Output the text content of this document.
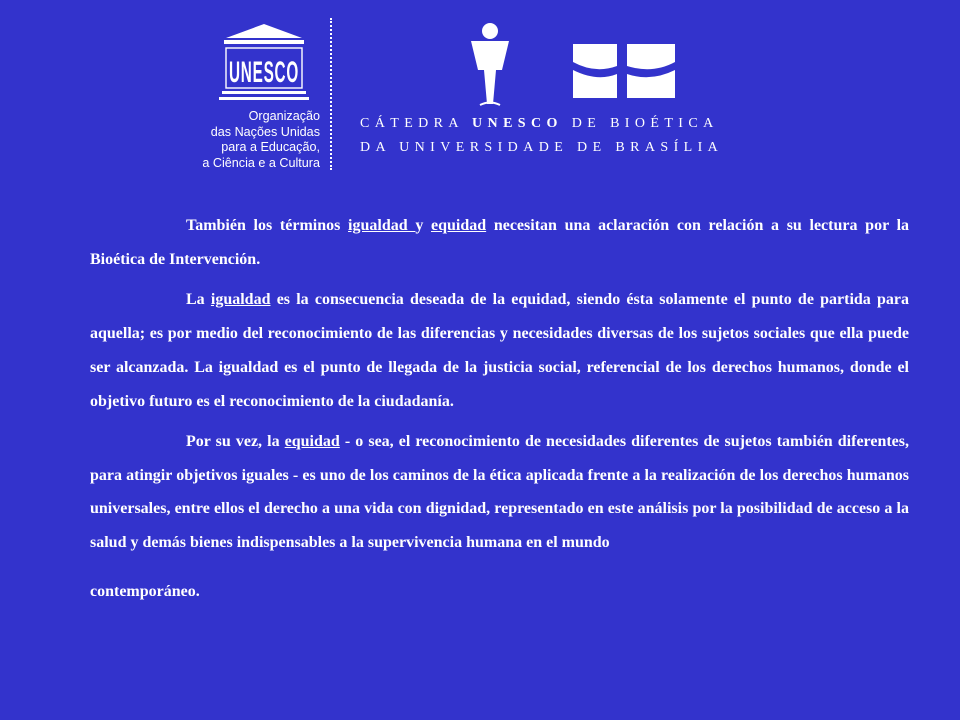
UNESCO
Organização
das Nações Unidas
para a Educação,
a Ciência e a Cultura
CÁTEDRA UNESCO DE BIOÉTICA
DA UNIVERSIDADE DE BRASÍLIA

También los términos igualdad y equidad necesitan una aclaración con relación a su lectura por la Bioética de Intervención.

La igualdad es la consecuencia deseada de la equidad, siendo ésta solamente el punto de partida para aquella; es por medio del reconocimiento de las diferencias y necesidades diversas de los sujetos sociales que ella puede ser alcanzada. La igualdad es el punto de llegada de la justicia social, referencial de los derechos humanos, donde el objetivo futuro es el reconocimiento de la ciudadanía.

Por su vez, la equidad - o sea, el reconocimiento de necesidades diferentes de sujetos también diferentes, para atingir objetivos iguales - es uno de los caminos de la ética aplicada frente a la realización de los derechos humanos universales, entre ellos el derecho a una vida con dignidad, representado en este análisis por la posibilidad de acceso a la salud y demás bienes indispensables a la supervivencia humana en el mundo

contemporáneo.
